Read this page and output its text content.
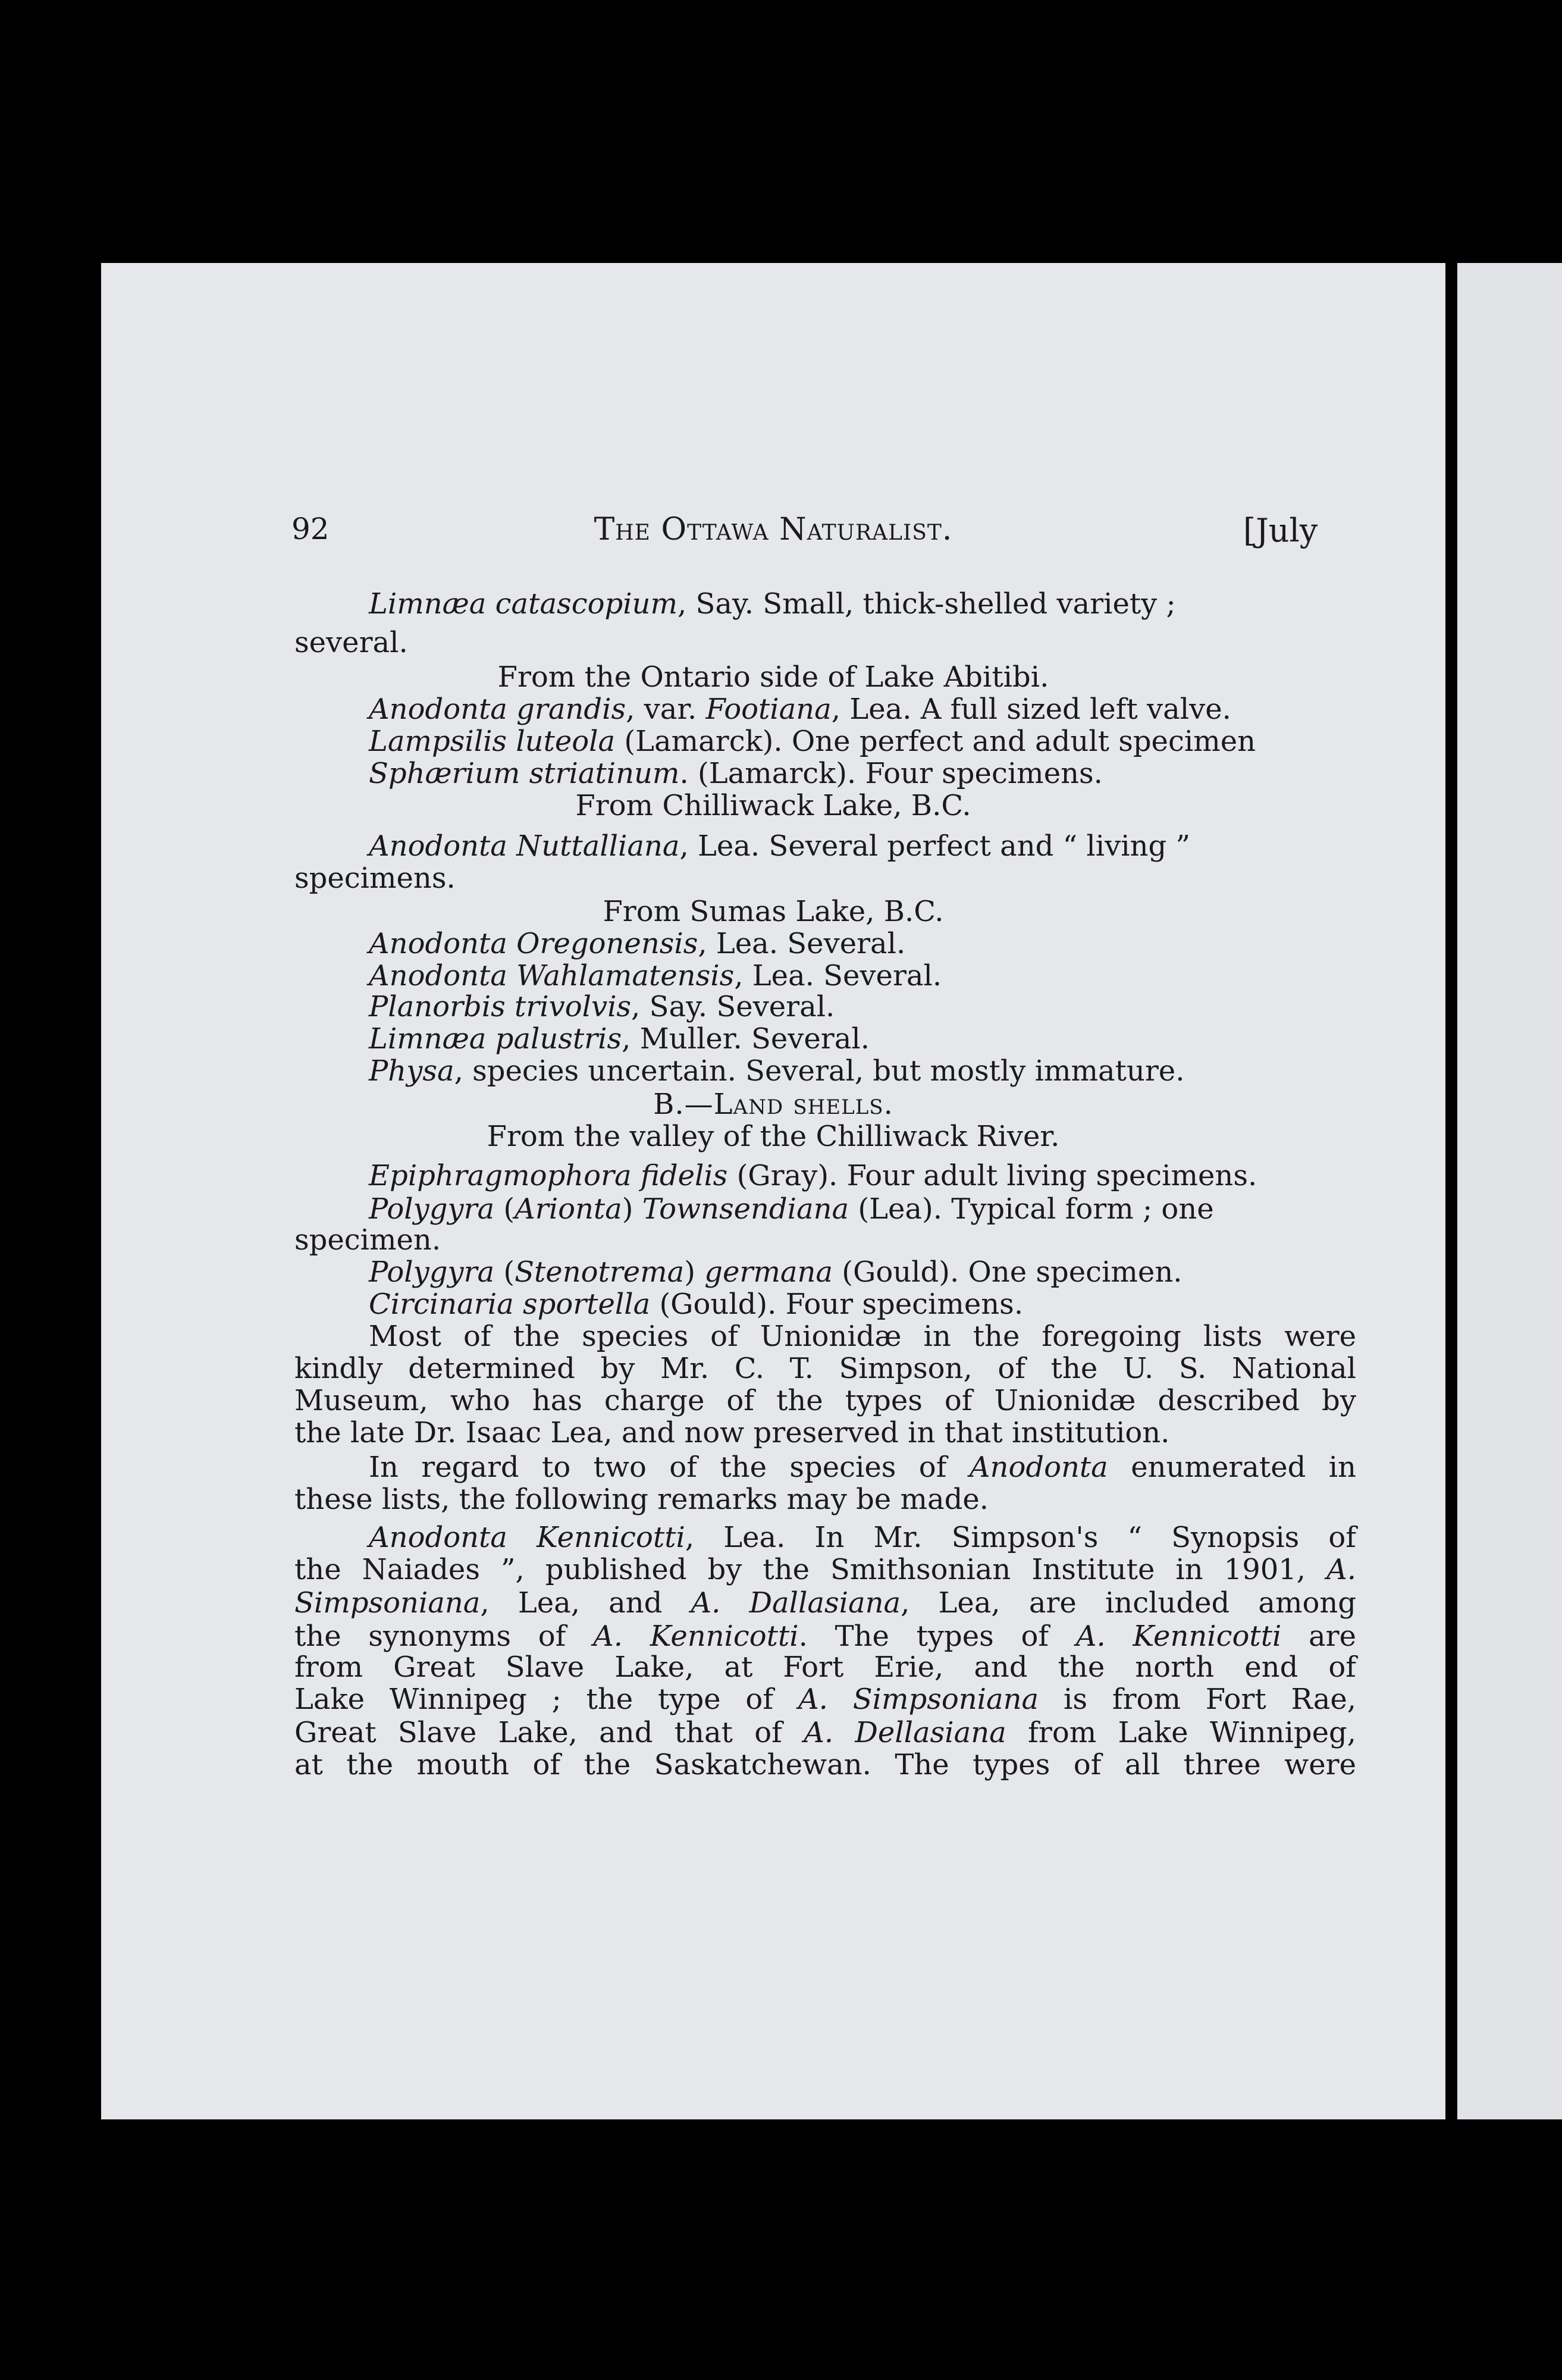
92	The Ottawa Naturalist.	[July
Limnæa catascopium, Say. Small, thick-shelled variety ;
several.
From the Ontario side of Lake Abitibi.
Anodonta grandis, var. Footiana, Lea. A full sized left valve.
Lampsilis luteola (Lamarck). One perfect and adult specimen
Sphærium striatinum. (Lamarck). Four specimens.
From Chilliwack Lake, B.C.
Anodonta Nuttalliana, Lea. Several perfect and “ living ”
specimens.
From Sumas Lake, B.C.
Anodonta Oregonensis, Lea. Several.
Anodonta Wahlamatensis, Lea. Several.
Planorbis trivolvis, Say. Several.
Limnæa palustris, Muller. Several.
Physa, species uncertain. Several, but mostly immature.
B.—Land shells.
From the valley of the Chilliwack River.
Epiphragmophora fidelis (Gray). Four adult living specimens.
Polygyra (Arionta) Townsendiana (Lea). Typical form ; one
specimen.
Polygyra (Stenotrema) germana (Gould). One specimen.
Circinaria sportella (Gould). Four specimens.
Most of the species of Unionidæ in the foregoing lists were
kindly determined by Mr. C. T. Simpson, of the U. S. National
Museum, who has charge of the types of Unionidæ described by
the late Dr. Isaac Lea, and now preserved in that institution.
In regard to two of the species of Anodonta enumerated in
these lists, the following remarks may be made.
Anodonta Kennicotti, Lea. In Mr. Simpson's “ Synopsis of
the Naiades ”, published by the Smithsonian Institute in 1901, A.
Simpsoniana, Lea, and A. Dallasiana, Lea, are included among
the synonyms of A. Kennicotti. The types of A. Kennicotti are
from Great Slave Lake, at Fort Erie, and the north end of
Lake Winnipeg ; the type of A. Simpsoniana is from Fort Rae,
Great Slave Lake, and that of A. Dellasiana from Lake Winnipeg,
at the mouth of the Saskatchewan. The types of all three were
